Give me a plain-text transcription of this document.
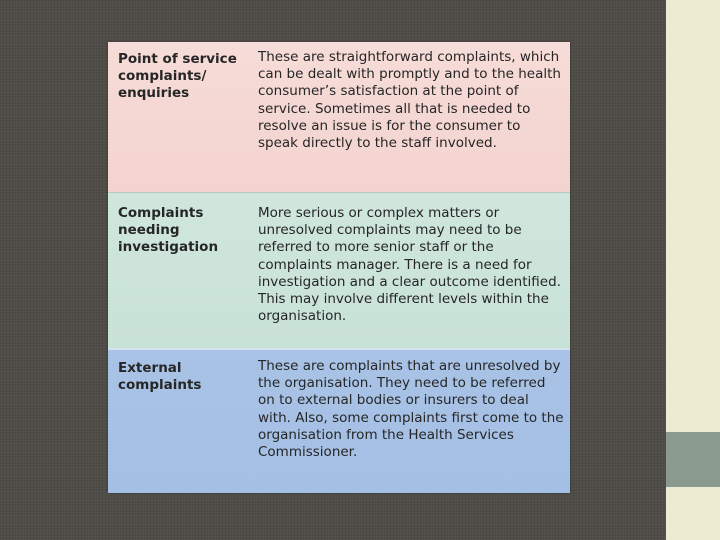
Point of service
complaints/
enquiries
These are straightforward complaints, which can be dealt with promptly and to the health consumer’s satisfaction at the point of service. Sometimes all that is needed to resolve an issue is for the consumer to speak directly to the staff involved.
Complaints
needing
investigation
More serious or complex matters or unresolved complaints may need to be referred to more senior staff or the complaints manager. There is a need for investigation and a clear outcome identified. This may involve different levels within the organisation.
External
complaints
These are complaints that are unresolved by the organisation. They need to be referred on to external bodies or insurers to deal with. Also, some complaints first come to the organisation from the Health Services Commissioner.
